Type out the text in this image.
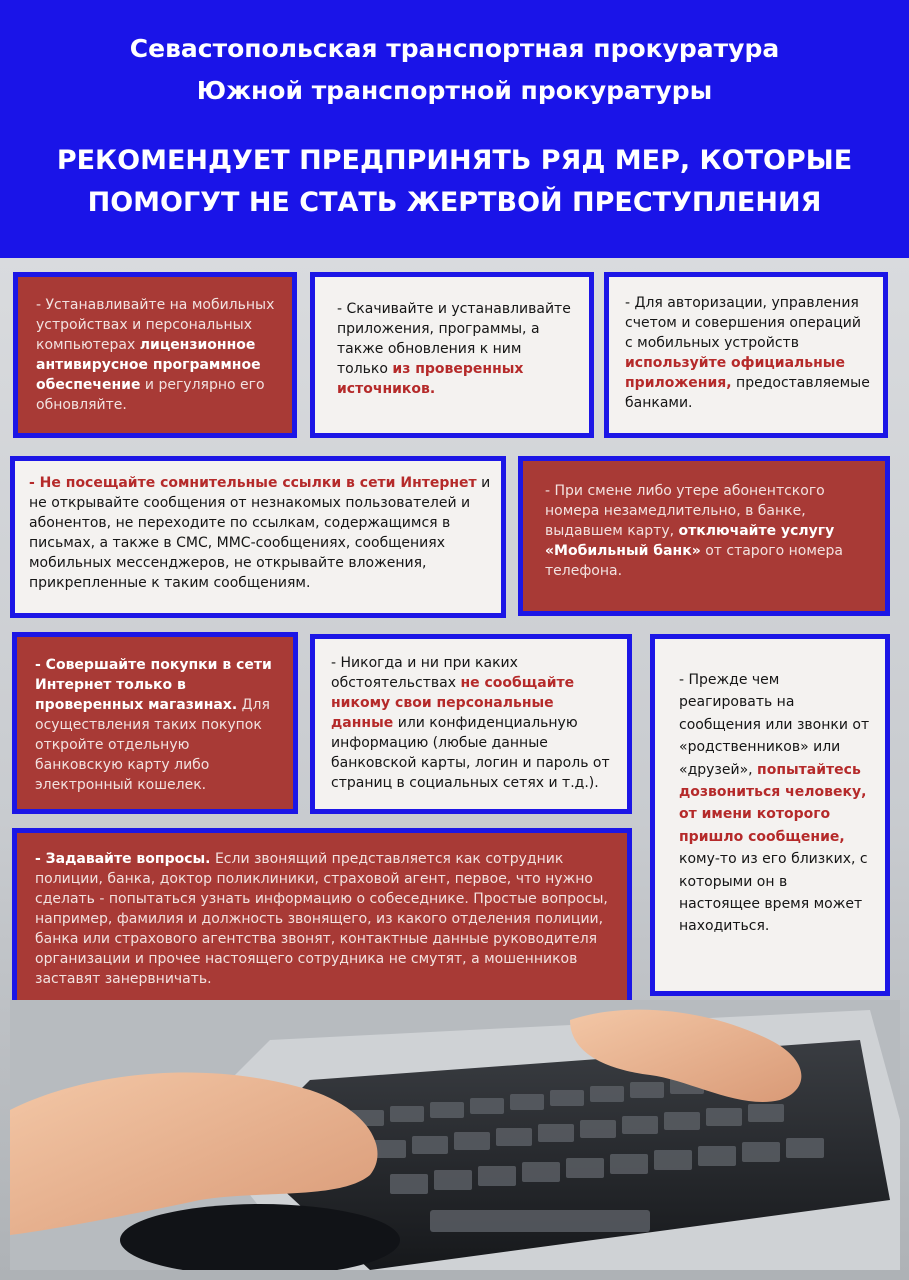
Севастопольская транспортная прокуратура
Южной транспортной прокуратуры
РЕКОМЕНДУЕТ ПРЕДПРИНЯТЬ РЯД МЕР, КОТОРЫЕ
ПОМОГУТ НЕ СТАТЬ ЖЕРТВОЙ ПРЕСТУПЛЕНИЯ
- Устанавливайте на мобильных устройствах и персональных компьютерах лицензионное антивирусное программное обеспечение и регулярно его обновляйте.
- Скачивайте и устанавливайте приложения, программы, а также обновления к ним только из проверенных источников.
- Для авторизации, управления счетом и совершения операций с мобильных устройств используйте официальные приложения, предоставляемые банками.
- Не посещайте сомнительные ссылки в сети Интернет и не открывайте сообщения от незнакомых пользователей и абонентов, не переходите по ссылкам, содержащимся в письмах, а также в СМС, ММС-сообщениях, сообщениях мобильных мессенджеров, не открывайте вложения, прикрепленные к таким сообщениям.
- При смене либо утере абонентского номера незамедлительно, в банке, выдавшем карту, отключайте услугу «Мобильный банк» от старого номера телефона.
- Совершайте покупки в сети Интернет только в проверенных магазинах. Для осуществления таких покупок откройте отдельную банковскую карту либо электронный кошелек.
- Никогда и ни при каких обстоятельствах не сообщайте никому свои персональные данные или конфиденциальную информацию (любые данные банковской карты, логин и пароль от страниц в социальных сетях и т.д.).
- Прежде чем реагировать на сообщения или звонки от «родственников» или «друзей», попытайтесь дозвониться человеку, от имени которого пришло сообщение, кому-то из его близких, с которыми он в настоящее время может находиться.
- Задавайте вопросы. Если звонящий представляется как сотрудник полиции, банка, доктор поликлиники, страховой агент, первое, что нужно сделать - попытаться узнать информацию о собеседнике. Простые вопросы, например, фамилия и должность звонящего, из какого отделения полиции, банка или страхового агентства звонят, контактные данные руководителя организации и прочее настоящего сотрудника не смутят, а мошенников заставят занервничать.
